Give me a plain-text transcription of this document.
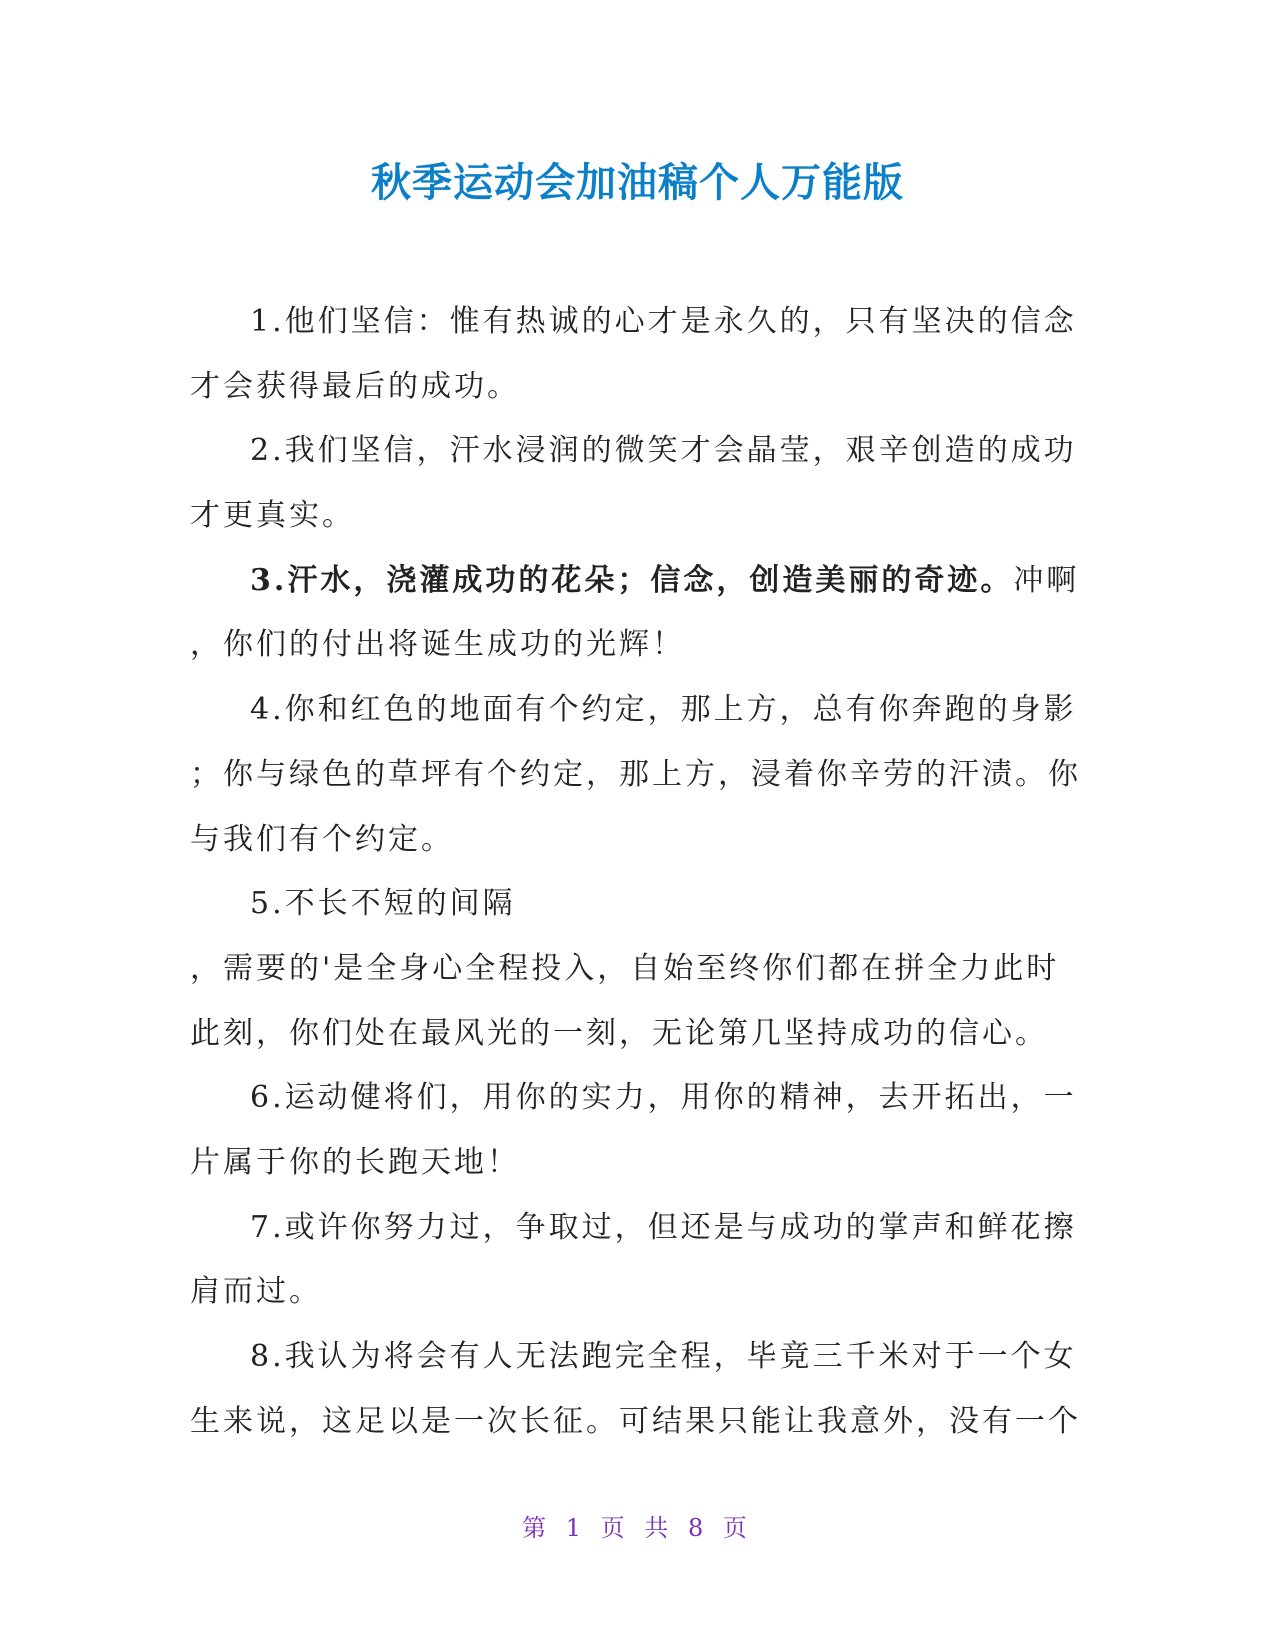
秋季运动会加油稿个人万能版
1.他们坚信：惟有热诚的心才是永久的，只有坚决的信念
才会获得最后的成功。
2.我们坚信，汗水浸润的微笑才会晶莹，艰辛创造的成功
才更真实。
3.汗水，浇灌成功的花朵；信念，创造美丽的奇迹。冲啊
，你们的付出将诞生成功的光辉！
4.你和红色的地面有个约定，那上方，总有你奔跑的身影
；你与绿色的草坪有个约定，那上方，浸着你辛劳的汗渍。你
与我们有个约定。
5.不长不短的间隔
，需要的'是全身心全程投入，自始至终你们都在拼全力此时
此刻，你们处在最风光的一刻，无论第几坚持成功的信心。
6.运动健将们，用你的实力，用你的精神，去开拓出，一
片属于你的长跑天地！
7.或许你努力过，争取过，但还是与成功的掌声和鲜花擦
肩而过。
8.我认为将会有人无法跑完全程，毕竟三千米对于一个女
生来说，这足以是一次长征。可结果只能让我意外，没有一个
第 1 页 共 8 页
